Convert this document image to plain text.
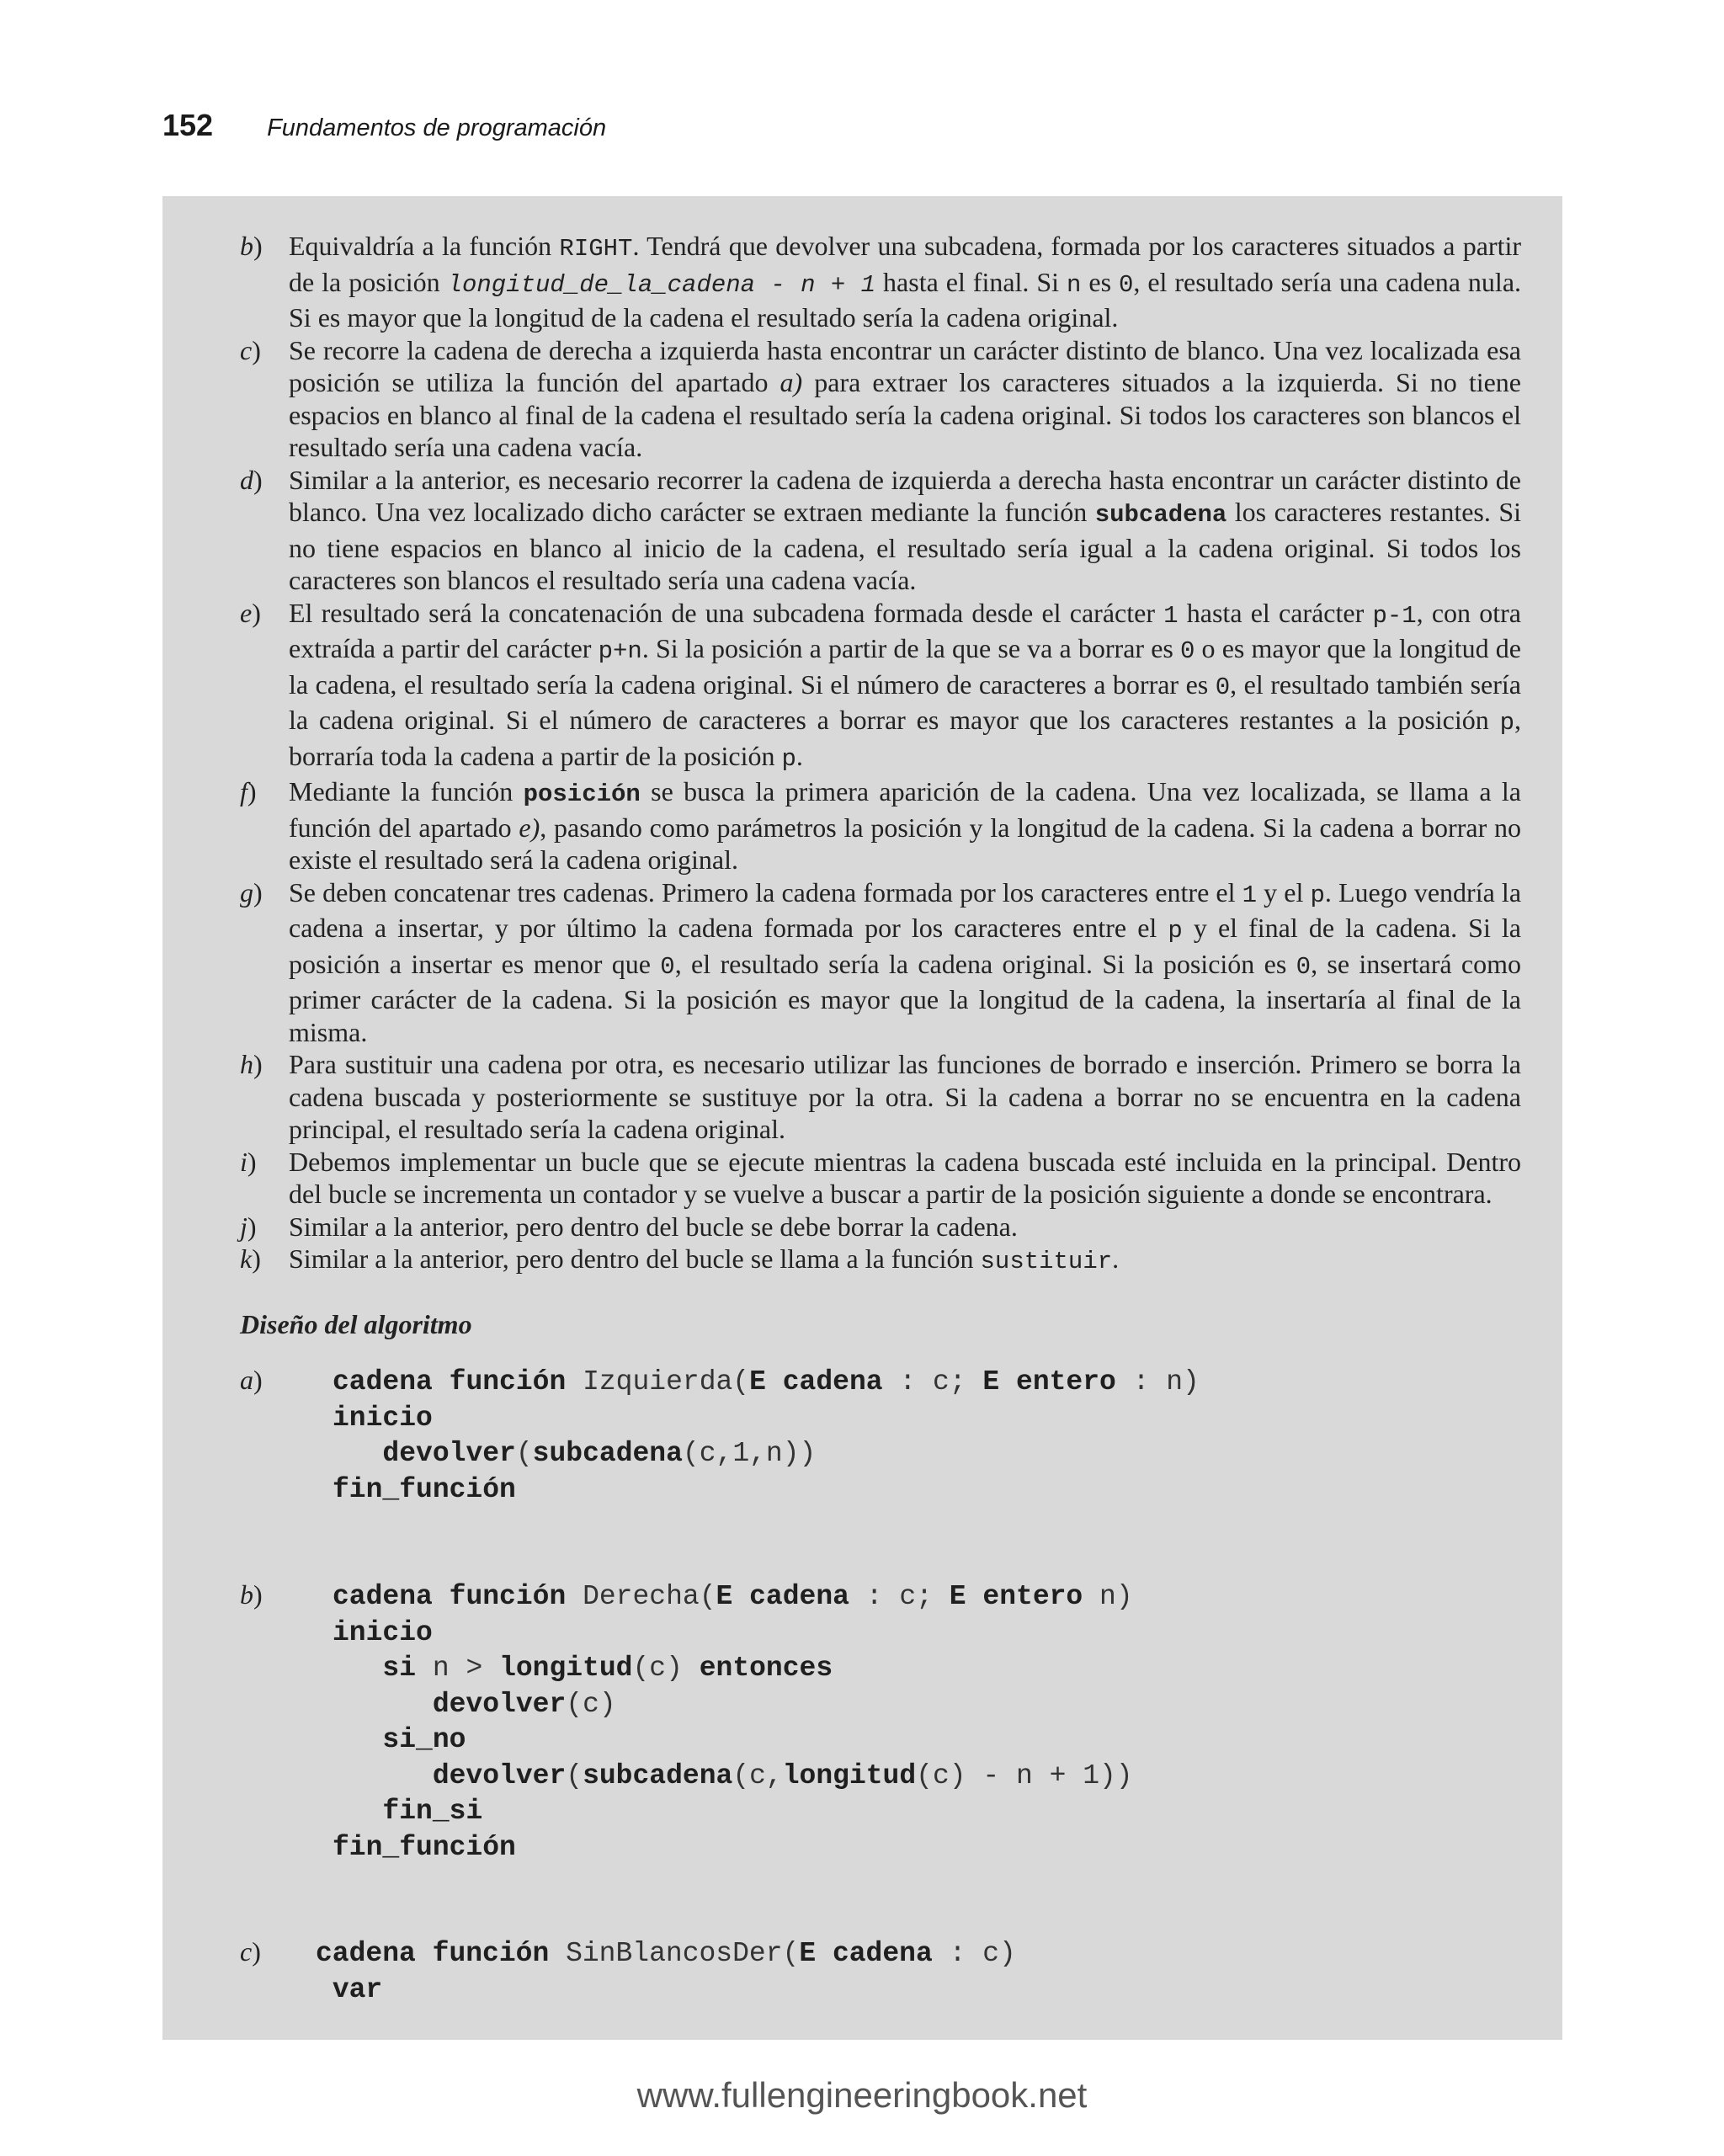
152 Fundamentos de programación
b )	Equivaldría a la función RIGHT. Tendrá que devolver una subcadena, formada por los caracteres situados a partir de la posición longitud_de_la_cadena - n + 1 hasta el final. Si n es 0, el resultado sería una cadena nula. Si es mayor que la longitud de la cadena el resultado sería la cadena original.
c )	Se recorre la cadena de derecha a izquierda hasta encontrar un carácter distinto de blanco. Una vez localizada esa posición se utiliza la función del apartado a) para extraer los caracteres situados a la izquierda. Si no tiene espacios en blanco al final de la cadena el resultado sería la cadena original. Si todos los caracteres son blancos el resultado sería una cadena vacía.
d )	Similar a la anterior, es necesario recorrer la cadena de izquierda a derecha hasta encontrar un carácter distinto de blanco. Una vez localizado dicho carácter se extraen mediante la función subcadena los caracteres restantes. Si no tiene espacios en blanco al inicio de la cadena, el resultado sería igual a la cadena original. Si todos los caracteres son blancos el resultado sería una cadena vacía.
e )	El resultado será la concatenación de una subcadena formada desde el carácter 1 hasta el carácter p-1, con otra extraída a partir del carácter p+n. Si la posición a partir de la que se va a borrar es 0 o es mayor que la longitud de la cadena, el resultado sería la cadena original. Si el número de caracteres a borrar es 0, el resultado también sería la cadena original. Si el número de caracteres a borrar es mayor que los caracteres restantes a la posición p, borraría toda la cadena a partir de la posición p.
f )	Mediante la función posición se busca la primera aparición de la cadena. Una vez localizada, se llama a la función del apartado e), pasando como parámetros la posición y la longitud de la cadena. Si la cadena a borrar no existe el resultado será la cadena original.
g )	Se deben concatenar tres cadenas. Primero la cadena formada por los caracteres entre el 1 y el p. Luego vendría la cadena a insertar, y por último la cadena formada por los caracteres entre el p y el final de la cadena. Si la posición a insertar es menor que 0, el resultado sería la cadena original. Si la posición es 0, se insertará como primer carácter de la cadena. Si la posición es mayor que la longitud de la cadena, la insertaría al final de la misma.
h )	Para sustituir una cadena por otra, es necesario utilizar las funciones de borrado e inserción. Primero se borra la cadena buscada y posteriormente se sustituye por la otra. Si la cadena a borrar no se encuentra en la cadena principal, el resultado sería la cadena original.
i )	Debemos implementar un bucle que se ejecute mientras la cadena buscada esté incluida en la principal. Dentro del bucle se incrementa un contador y se vuelve a buscar a partir de la posición siguiente a donde se encontrara.
j )	Similar a la anterior, pero dentro del bucle se debe borrar la cadena.
k )	Similar a la anterior, pero dentro del bucle se llama a la función sustituir.
Diseño del algoritmo
a )	cadena función Izquierda(E cadena : c; E entero : n)
inicio
devolver(subcadena(c,1,n))
fin_función
b )	cadena función Derecha(E cadena : c; E entero n)
inicio
si n > longitud(c) entonces
devolver(c)
si_no
devolver(subcadena(c,longitud(c) - n + 1))
fin_si
fin_función
c )	cadena función SinBlancosDer(E cadena : c)
var
www.fullengineeringbook.net
